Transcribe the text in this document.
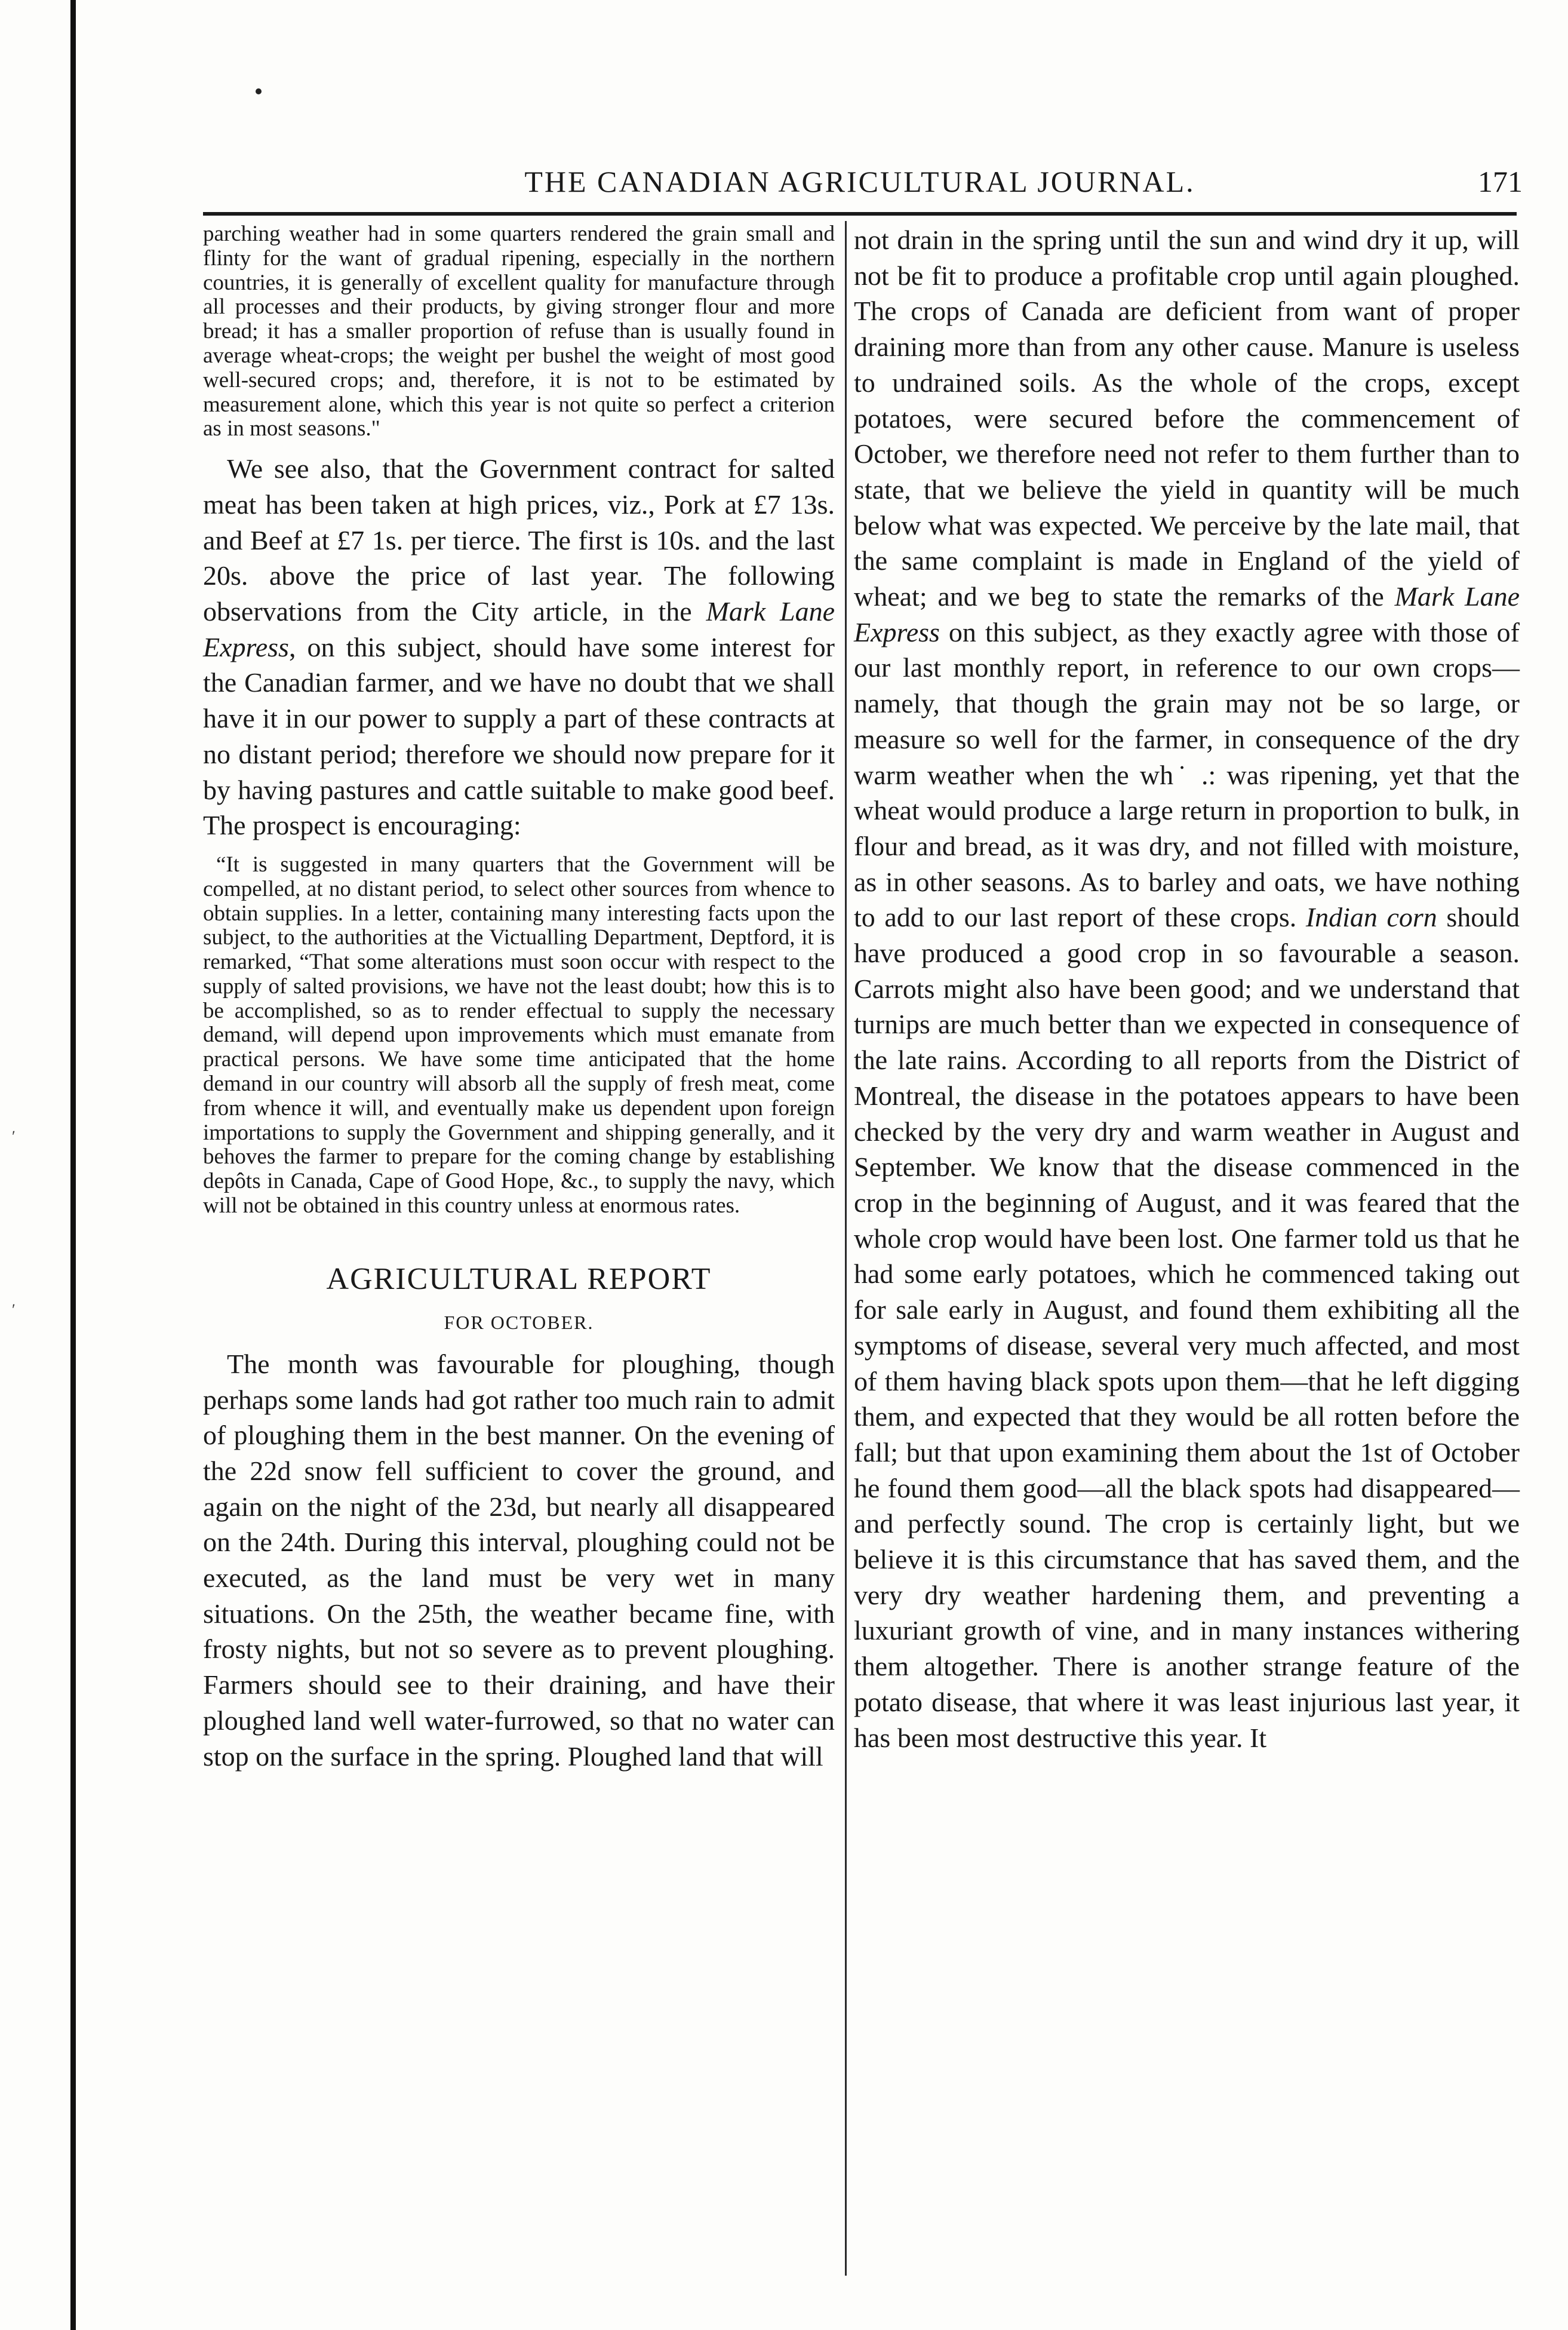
ʹ
ʹ
THE CANADIAN AGRICULTURAL JOURNAL.	171

parching weather had in some quarters rendered the grain small and flinty for the want of gradual ripening, especially in the northern countries, it is generally of excellent quality for manufacture through all processes and their products, by giving stronger flour and more bread; it has a smaller proportion of refuse than is usually found in average wheat-crops; the weight per bushel the weight of most good well-secured crops; and, therefore, it is not to be estimated by measurement alone, which this year is not quite so perfect a criterion as in most seasons."

We see also, that the Government contract for salted meat has been taken at high prices, viz., Pork at £7 13s. and Beef at £7 1s. per tierce. The first is 10s. and the last 20s. above the price of last year. The following observations from the City article, in the Mark Lane Express, on this subject, should have some interest for the Canadian farmer, and we have no doubt that we shall have it in our power to supply a part of these contracts at no distant period; therefore we should now prepare for it by having pastures and cattle suitable to make good beef. The prospect is encouraging:

“It is suggested in many quarters that the Government will be compelled, at no distant period, to select other sources from whence to obtain supplies. In a letter, containing many interesting facts upon the subject, to the authorities at the Victualling Department, Deptford, it is remarked, “That some alterations must soon occur with respect to the supply of salted provisions, we have not the least doubt; how this is to be accomplished, so as to render effectual to supply the necessary demand, will depend upon improvements which must emanate from practical persons. We have some time anticipated that the home demand in our country will absorb all the supply of fresh meat, come from whence it will, and eventually make us dependent upon foreign importations to supply the Government and shipping generally, and it behoves the farmer to prepare for the coming change by establishing depôts in Canada, Cape of Good Hope, &c., to supply the navy, which will not be obtained in this country unless at enormous rates.

AGRICULTURAL REPORT
FOR OCTOBER.

The month was favourable for ploughing, though perhaps some lands had got rather too much rain to admit of ploughing them in the best manner. On the evening of the 22d snow fell sufficient to cover the ground, and again on the night of the 23d, but nearly all disappeared on the 24th. During this interval, ploughing could not be executed, as the land must be very wet in many situations. On the 25th, the weather became fine, with frosty nights, but not so severe as to prevent ploughing. Farmers should see to their draining, and have their ploughed land well water-furrowed, so that no water can stop on the surface in the spring. Ploughed land that will

not drain in the spring until the sun and wind dry it up, will not be fit to produce a profitable crop until again ploughed. The crops of Canada are deficient from want of proper draining more than from any other cause. Manure is useless to undrained soils. As the whole of the crops, except potatoes, were secured before the commencement of October, we therefore need not refer to them further than to state, that we believe the yield in quantity will be much below what was expected. We perceive by the late mail, that the same complaint is made in England of the yield of wheat; and we beg to state the remarks of the Mark Lane Express on this subject, as they exactly agree with those of our last monthly report, in reference to our own crops—namely, that though the grain may not be so large, or measure so well for the farmer, in consequence of the dry warm weather when the wh˙ .: was ripening, yet that the wheat would produce a large return in proportion to bulk, in flour and bread, as it was dry, and not filled with moisture, as in other seasons. As to barley and oats, we have nothing to add to our last report of these crops. Indian corn should have produced a good crop in so favourable a season. Carrots might also have been good; and we understand that turnips are much better than we expected in consequence of the late rains. According to all reports from the District of Montreal, the disease in the potatoes appears to have been checked by the very dry and warm weather in August and September. We know that the disease commenced in the crop in the beginning of August, and it was feared that the whole crop would have been lost. One farmer told us that he had some early potatoes, which he commenced taking out for sale early in August, and found them exhibiting all the symptoms of disease, several very much affected, and most of them having black spots upon them—that he left digging them, and expected that they would be all rotten before the fall; but that upon examining them about the 1st of October he found them good—all the black spots had disappeared—and perfectly sound. The crop is certainly light, but we believe it is this circumstance that has saved them, and the very dry weather hardening them, and preventing a luxuriant growth of vine, and in many instances withering them altogether. There is another strange feature of the potato disease, that where it was least injurious last year, it has been most destructive this year. It
